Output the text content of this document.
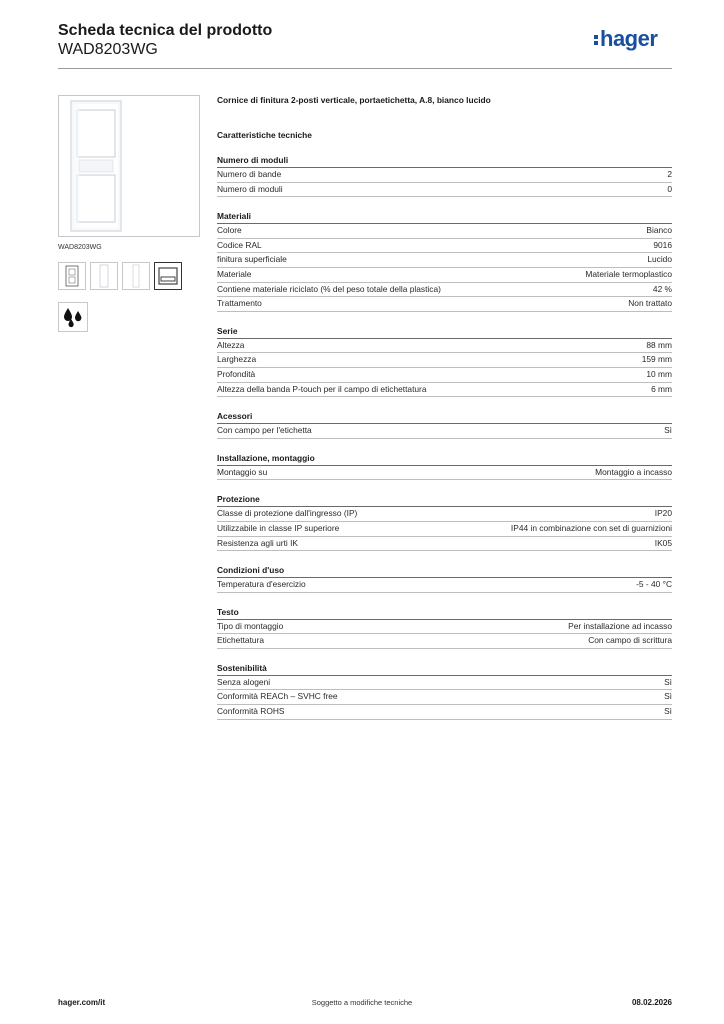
Scheda tecnica del prodotto
WAD8203WG	hager
WAD8203WG
Cornice di finitura 2-posti verticale, portaetichetta, A.8, bianco lucido
Caratteristiche tecniche
Numero di moduli
Numero di bande	2
Numero di moduli	0
Materiali
Colore	Bianco
Codice RAL	9016
finitura superficiale	Lucido
Materiale	Materiale termoplastico
Contiene materiale riciclato (% del peso totale della plastica)	42 %
Trattamento	Non trattato
Serie
Altezza	88 mm
Larghezza	159 mm
Profondità	10 mm
Altezza della banda P-touch per il campo di etichettatura	6 mm
Acessori
Con campo per l'etichetta	Sì
Installazione, montaggio
Montaggio su	Montaggio a incasso
Protezione
Classe di protezione dall'ingresso (IP)	IP20
Utilizzabile in classe IP superiore	IP44 in combinazione con set di guarnizioni
Resistenza agli urti IK	IK05
Condizioni d'uso
Temperatura d'esercizio	-5 - 40 °C
Testo
Tipo di montaggio	Per installazione ad incasso
Etichettatura	Con campo di scrittura
Sostenibilità
Senza alogeni	Sì
Conformità REACh – SVHC free	Sì
Conformità ROHS	Sì
hager.com/it	Soggetto a modifiche tecniche	08.02.2026
